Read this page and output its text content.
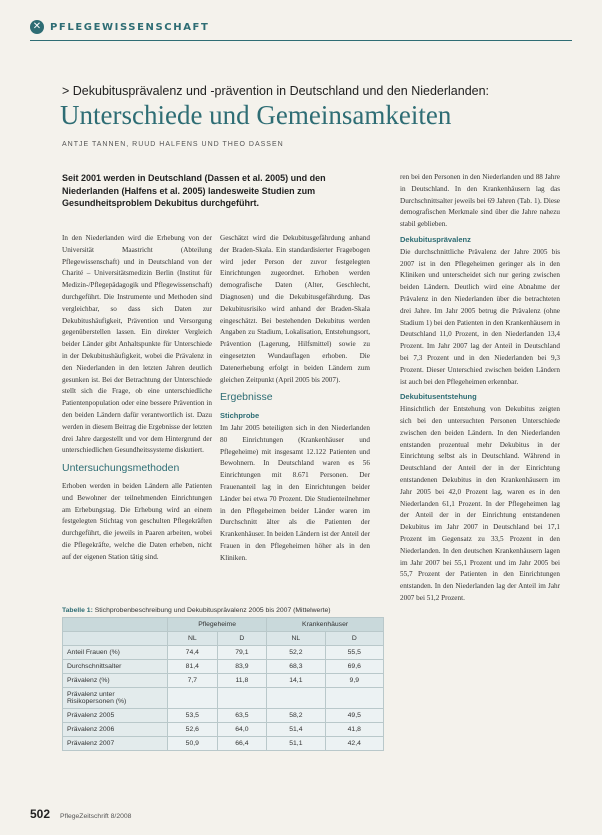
✕ PFLEGEWISSENSCHAFT
> Dekubitusprävalenz und -prävention in Deutschland und den Niederlanden:
Unterschiede und Gemeinsamkeiten
ANTJE TANNEN, RUUD HALFENS UND THEO DASSEN
Seit 2001 werden in Deutschland (Dassen et al. 2005) und den Niederlanden (Halfens et al. 2005) landesweite Studien zum Gesundheitsproblem Dekubitus durchgeführt.

In den Niederlanden wird die Erhebung von der Universität Maastricht (Abteilung Pflegewissenschaft) und in Deutschland von der Charité – Universitätsmedizin Berlin (Institut für Medizin-/Pflegepädagogik und Pflegewissenschaft) durchgeführt. Die Instrumente und Methoden sind vergleichbar, so dass sich Daten zur Dekubitushäufigkeit, Prävention und Versorgung gegenüberstellen lassen. Ein direkter Vergleich beider Länder gibt Anhaltspunkte für Unterschiede in der Dekubitushäufigkeit, wobei die Prävalenz in den Niederlanden in den letzten Jahren deutlich gesunken ist. Bei der Betrachtung der Unterschiede stellt sich die Frage, ob eine unterschiedliche Patientenpopulation oder eine bessere Prävention in den beiden Ländern dafür verantwortlich ist. Dazu werden in diesem Beitrag die Ergebnisse der letzten drei Jahre dargestellt und vor dem Hintergrund der unterschiedlichen Gesundheitssysteme diskutiert.

Untersuchungsmethoden

Erhoben werden in beiden Ländern alle Patienten und Bewohner der teilnehmenden Einrichtungen am Erhebungstag. Die Erhebung wird an einem festgelegten Stichtag von geschulten Pflegekräften durchgeführt, die jeweils in Paaren arbeiten, wobei die Pflegekräfte, welche die Daten erheben, nicht auf der eigenen Station tätig sind.

Geschätzt wird die Dekubitusgefährdung anhand der Braden-Skala. Ein standardisierter Fragebogen wird jeder Person der zuvor festgelegten Einrichtungen zugeordnet. Erhoben werden demografische Daten (Alter, Geschlecht, Diagnosen) und die Dekubitusgefährdung. Das Dekubitusrisiko wird anhand der Braden-Skala eingeschätzt. Bei bestehenden Dekubitus werden Angaben zu Stadium, Lokalisation, Entstehungsort, Prävention (Lagerung, Hilfsmittel) sowie zu eingesetzten Wundauflagen erhoben. Die Datenerhebung erfolgt in beiden Ländern zum gleichen Zeitpunkt (April 2005 bis 2007).

Ergebnisse
Stichprobe

Im Jahr 2005 beteiligten sich in den Niederlanden 80 Einrichtungen (Krankenhäuser und Pflegeheime) mit insgesamt 12.122 Patienten und Bewohnern. In Deutschland waren es 56 Einrichtungen mit 8.671 Personen. Der Frauenanteil lag in den Einrichtungen beider Länder bei etwa 70 Prozent. Die Studienteilnehmer in den Pflegeheimen beider Länder waren im Durchschnitt älter als die Patienten der Krankenhäuser. In beiden Ländern ist der Anteil der Frauen in den Pflegeheimen höher als in den Kliniken.

ren bei den Personen in den Niederlanden und 88 Jahre in Deutschland. In den Krankenhäusern lag das Durchschnittsalter jeweils bei 69 Jahren (Tab. 1). Diese demografischen Merkmale sind über die Jahre nahezu stabil geblieben.

Dekubitusprävalenz

Die durchschnittliche Prävalenz der Jahre 2005 bis 2007 ist in den Pflegeheimen geringer als in den Kliniken und unterscheidet sich nur gering zwischen beiden Ländern. Deutlich wird eine Abnahme der Prävalenz in den Niederlanden über die betrachteten drei Jahre. Im Jahr 2005 betrug die Prävalenz (ohne Stadium 1) bei den Patienten in den Krankenhäusern in Deutschland 11,0 Prozent, in den Niederlanden 13,4 Prozent. Im Jahr 2007 lag der Anteil in Deutschland bei 7,3 Prozent und in den Niederlanden bei 9,3 Prozent. Dieser Unterschied zwischen beiden Ländern ist auch bei den Pflegeheimen erkennbar.

Dekubitusentstehung

Hinsichtlich der Entstehung von Dekubitus zeigten sich bei den untersuchten Personen Unterschiede zwischen den beiden Ländern. In den Niederlanden entstanden prozentual mehr Dekubitus in der Einrichtung selbst als in Deutschland. Während in Deutschland der Anteil der in der Einrichtung entstandenen Dekubitus in den Krankenhäusern im Jahr 2005 bei 42,0 Prozent lag, waren es in den Niederlanden 61,1 Prozent. In der Pflegeheimen lag der Anteil der in der Einrichtung entstandenen Dekubitus im Jahr 2007 in Deutschland bei 17,1 Prozent im Gegensatz zu 33,5 Prozent in den Niederlanden. In den deutschen Krankenhäusern lagen im Jahr 2007 bei 55,1 Prozent und im Jahr 2005 bei 55,7 Prozent der Patienten in den Einrichtungen entstanden. In den Niederlanden lag der Anteil im Jahr 2007 bei 51,2 Prozent.

Tabelle 1: Stichprobenbeschreibung und Dekubitusprävalenz 2005 bis 2007 (Mittelwerte)
	Pflegeheime		Krankenhäuser	
	NL	D	NL	D
Anteil Frauen (%)	74,4	79,1	52,2	55,5
Durchschnittsalter	81,4	83,9	68,3	69,6
Prävalenz (%)	7,7	11,8	14,1	9,9
Prävalenz unter Risikopersonen (%)				
Prävalenz 2005	53,5	63,5	58,2	49,5
Prävalenz 2006	52,6	64,0	51,4	41,8
Prävalenz 2007	50,9	66,4	51,1	42,4
502 PflegeZeitschrift 8/2008
